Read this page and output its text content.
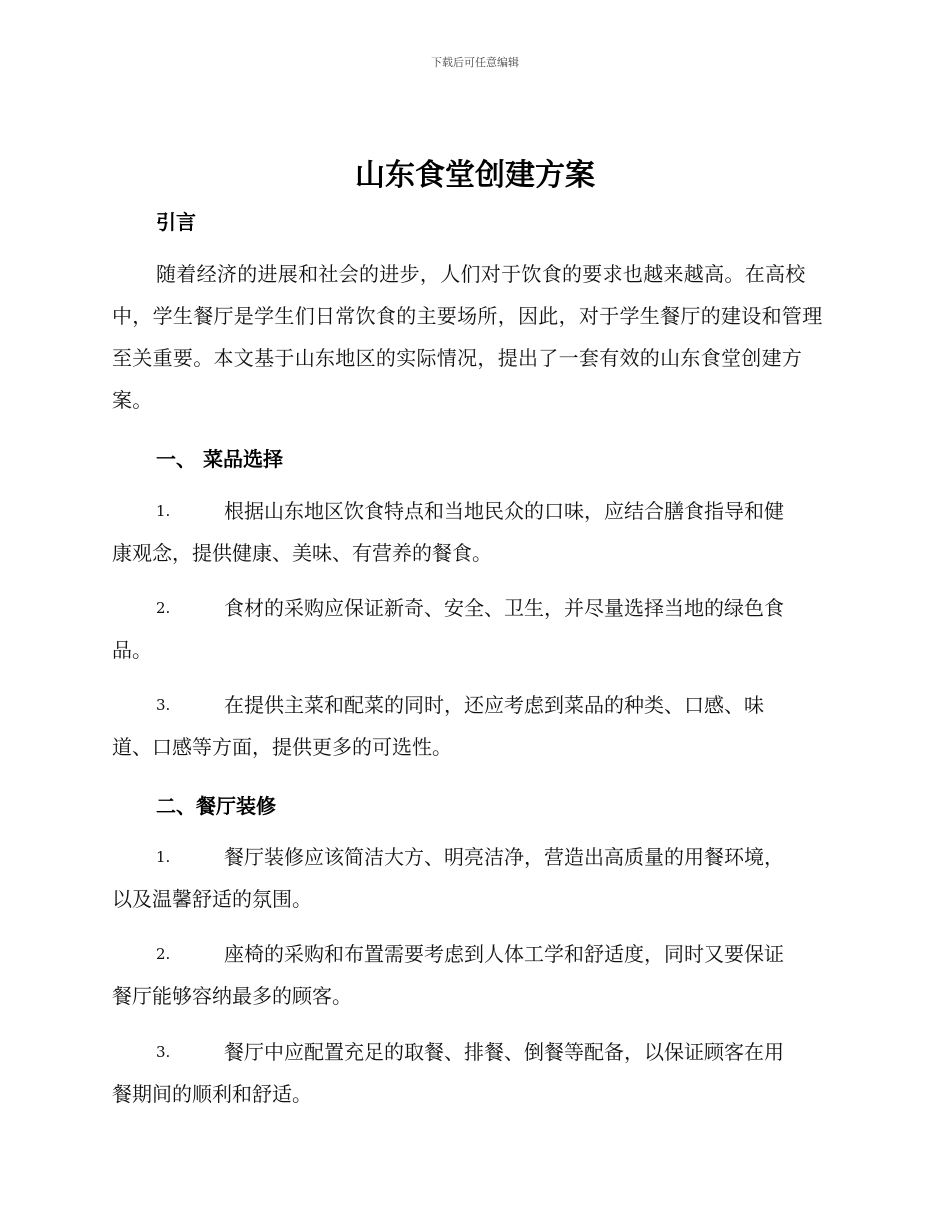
下载后可任意编辑
山东食堂创建方案
引言
随着经济的进展和社会的进步，人们对于饮食的要求也越来越高。在高校中，学生餐厅是学生们日常饮食的主要场所，因此，对于学生餐厅的建设和管理至关重要。本文基于山东地区的实际情况，提出了一套有效的山东食堂创建方案。
一、 菜品选择
1.	根据山东地区饮食特点和当地民众的口味，应结合膳食指导和健
康观念，提供健康、美味、有营养的餐食。
2.	食材的采购应保证新奇、安全、卫生，并尽量选择当地的绿色食
品。
3.	在提供主菜和配菜的同时，还应考虑到菜品的种类、口感、味
道、口感等方面，提供更多的可选性。
二、餐厅装修
1.	餐厅装修应该简洁大方、明亮洁净，营造出高质量的用餐环境，
以及温馨舒适的氛围。
2.	座椅的采购和布置需要考虑到人体工学和舒适度，同时又要保证
餐厅能够容纳最多的顾客。
3.	餐厅中应配置充足的取餐、排餐、倒餐等配备，以保证顾客在用
餐期间的顺利和舒适。
